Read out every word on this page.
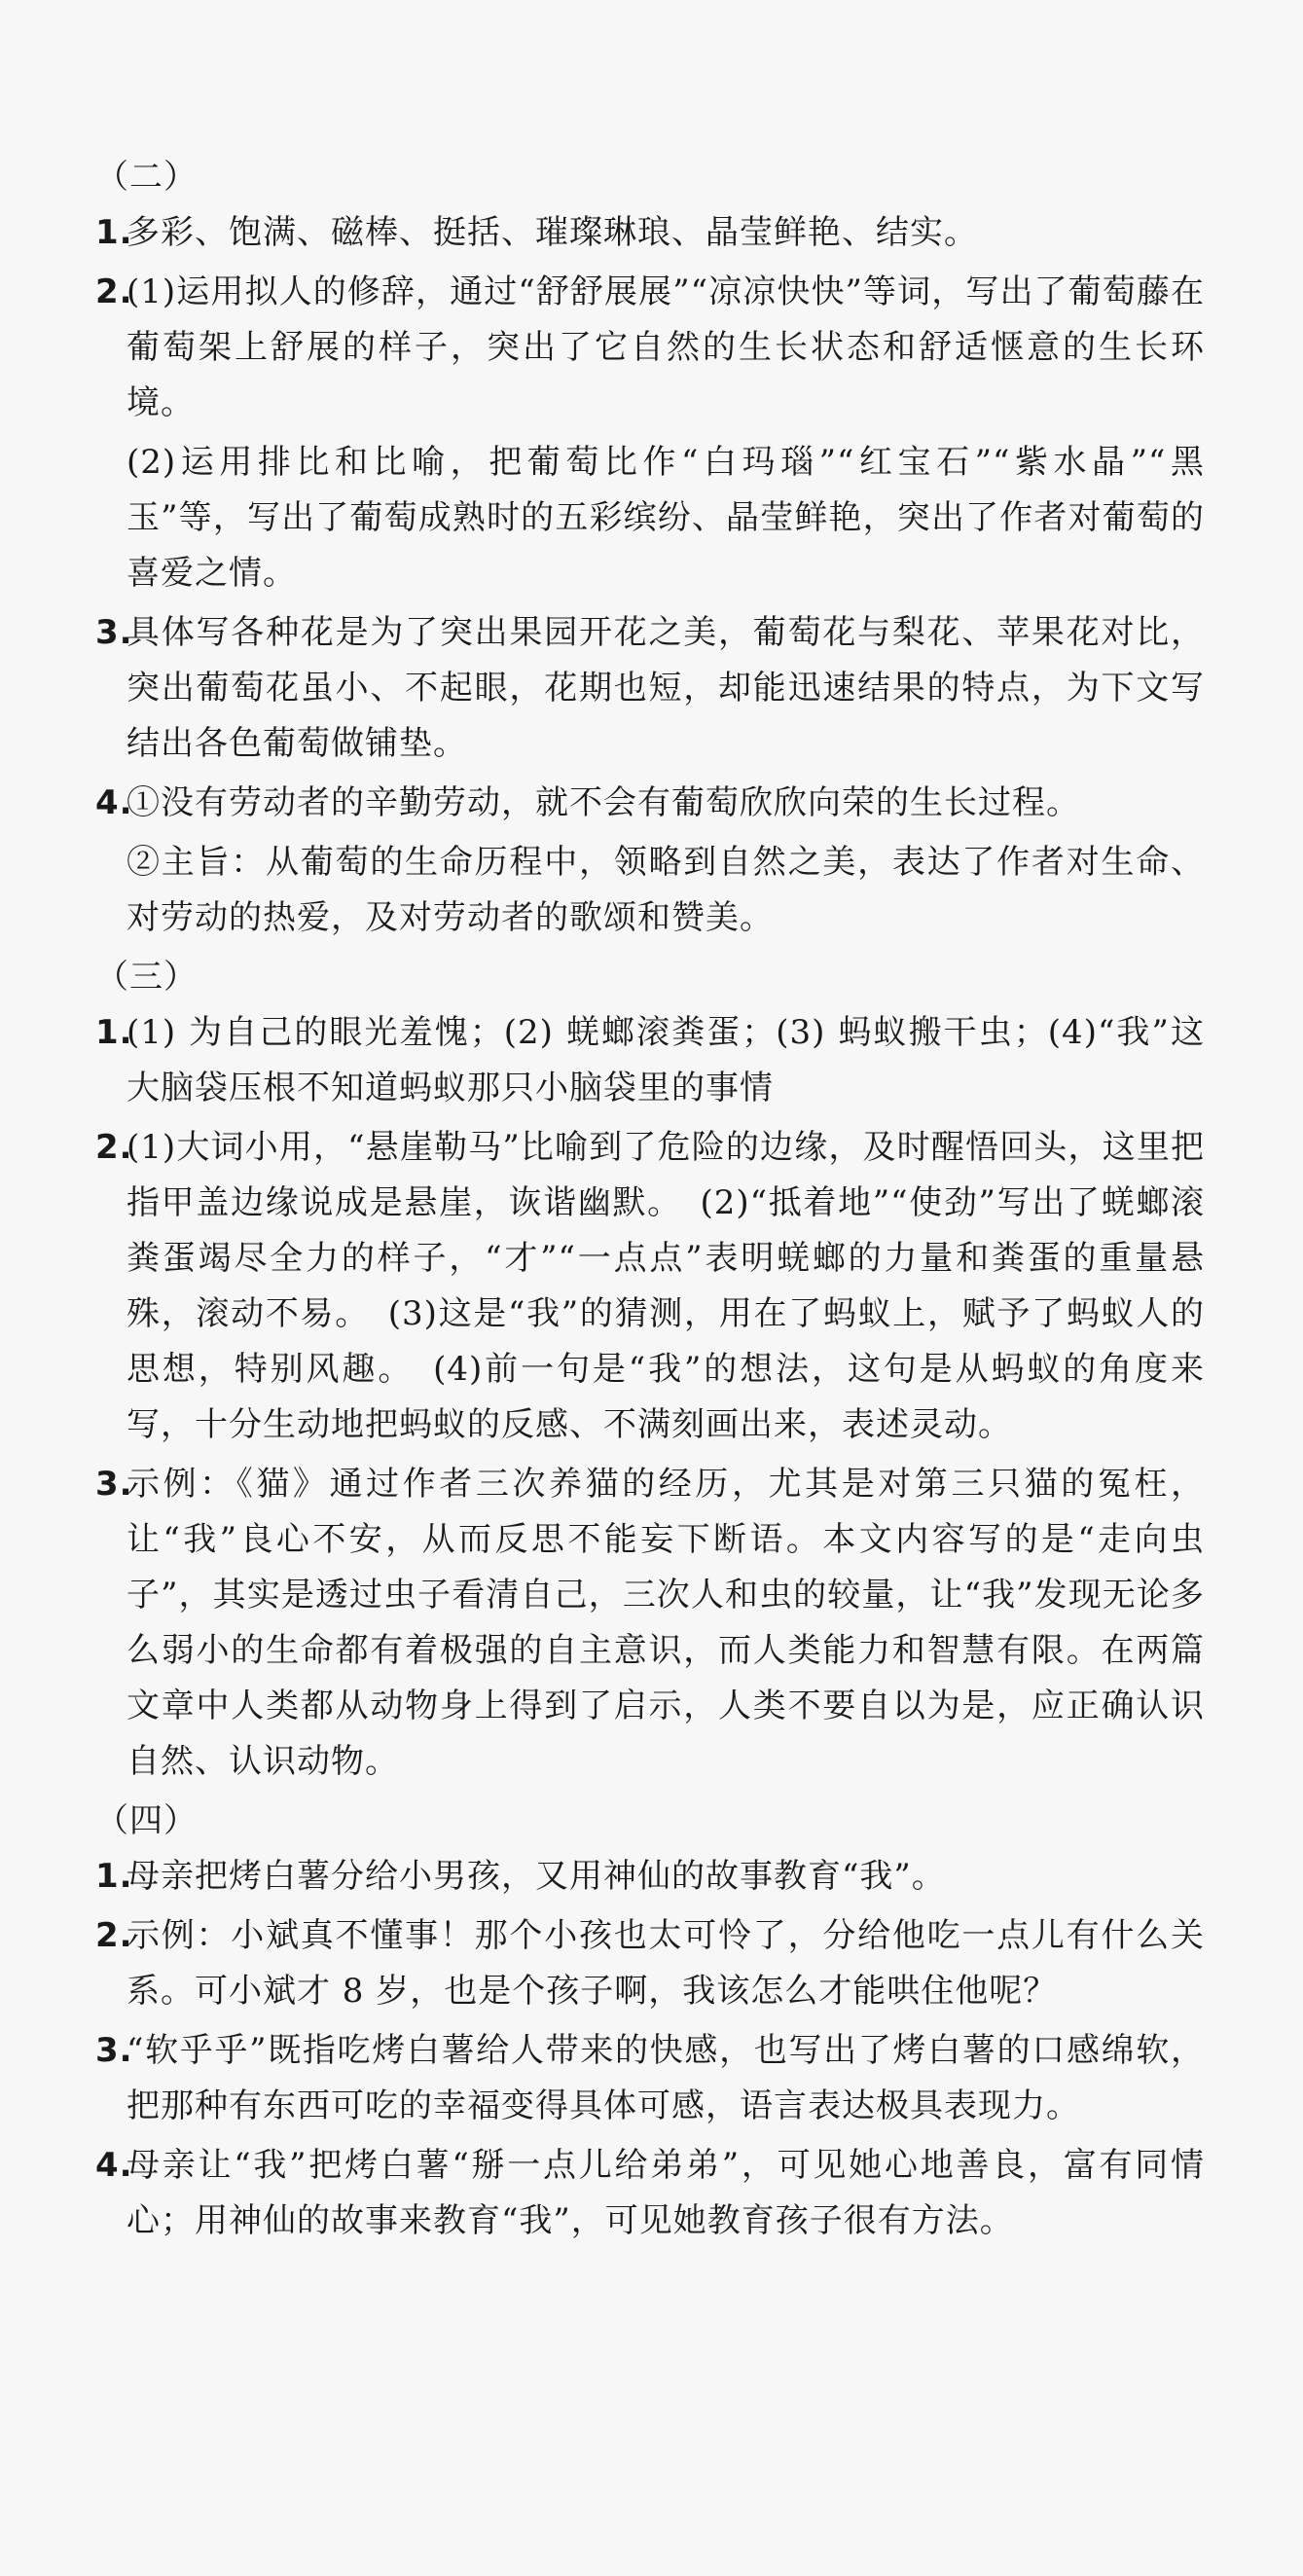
（二）
1.

多彩、饱满、磁棒、挺括、璀璨琳琅、晶莹鲜艳、结实。

2.

(1)运用拟人的修辞，通过“舒舒展展”“凉凉快快”等词，写出了葡萄藤在葡萄架上舒展的样子，突出了它自然的生长状态和舒适惬意的生长环境。

(2)运用排比和比喻，把葡萄比作“白玛瑙”“红宝石”“紫水晶”“黑玉”等，写出了葡萄成熟时的五彩缤纷、晶莹鲜艳，突出了作者对葡萄的喜爱之情。

3.

具体写各种花是为了突出果园开花之美，葡萄花与梨花、苹果花对比，突出葡萄花虽小、不起眼，花期也短，却能迅速结果的特点，为下文写结出各色葡萄做铺垫。

4.

①没有劳动者的辛勤劳动，就不会有葡萄欣欣向荣的生长过程。

②主旨：从葡萄的生命历程中，领略到自然之美，表达了作者对生命、对劳动的热爱，及对劳动者的歌颂和赞美。

（三）
1.

(1) 为自己的眼光羞愧；(2) 蜣螂滚粪蛋；(3) 蚂蚁搬干虫；(4)“我”这大脑袋压根不知道蚂蚁那只小脑袋里的事情

2.

(1)大词小用，“悬崖勒马”比喻到了危险的边缘，及时醒悟回头，这里把指甲盖边缘说成是悬崖，诙谐幽默。　(2)“抵着地”“使劲”写出了蜣螂滚粪蛋竭尽全力的样子，“才”“一点点”表明蜣螂的力量和粪蛋的重量悬殊，滚动不易。　(3)这是“我”的猜测，用在了蚂蚁上，赋予了蚂蚁人的思想，特别风趣。　(4)前一句是“我”的想法，这句是从蚂蚁的角度来写，十分生动地把蚂蚁的反感、不满刻画出来，表述灵动。

3.

示例：《猫》通过作者三次养猫的经历，尤其是对第三只猫的冤枉，让“我”良心不安，从而反思不能妄下断语。本文内容写的是“走向虫子”，其实是透过虫子看清自己，三次人和虫的较量，让“我”发现无论多么弱小的生命都有着极强的自主意识，而人类能力和智慧有限。在两篇文章中人类都从动物身上得到了启示，人类不要自以为是，应正确认识自然、认识动物。

（四）
1.

母亲把烤白薯分给小男孩，又用神仙的故事教育“我”。

2.

示例：小斌真不懂事！那个小孩也太可怜了，分给他吃一点儿有什么关系。可小斌才 8 岁，也是个孩子啊，我该怎么才能哄住他呢？

3.

“软乎乎”既指吃烤白薯给人带来的快感，也写出了烤白薯的口感绵软，把那种有东西可吃的幸福变得具体可感，语言表达极具表现力。

4.

母亲让“我”把烤白薯“掰一点儿给弟弟”，可见她心地善良，富有同情心；用神仙的故事来教育“我”，可见她教育孩子很有方法。
